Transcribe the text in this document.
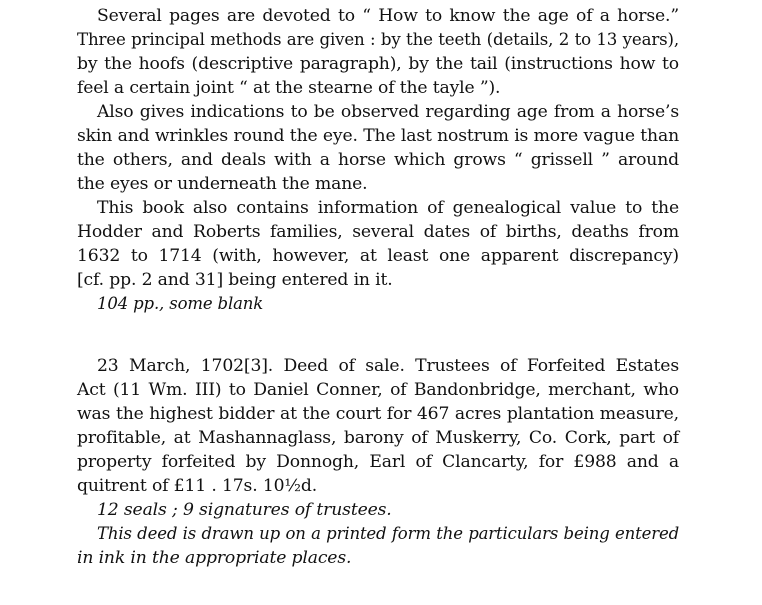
Several pages are devoted to “ How to know the age of a horse.”
Three principal methods are given : by the teeth (details, 2 to 13 years),
by the hoofs (descriptive paragraph), by the tail (instructions how to
feel a certain joint “ at the stearne of the tayle ”).
Also gives indications to be observed regarding age from a horse’s
skin and wrinkles round the eye. The last nostrum is more vague than
the others, and deals with a horse which grows “ grissell ” around
the eyes or underneath the mane.
This book also contains information of genealogical value to the
Hodder and Roberts families, several dates of births, deaths from
1632 to 1714 (with, however, at least one apparent discrepancy)
[cf. pp. 2 and 31] being entered in it.
104 pp., some blank
23 March, 1702[3]. Deed of sale. Trustees of Forfeited Estates
Act (11 Wm. III) to Daniel Conner, of Bandonbridge, merchant, who
was the highest bidder at the court for 467 acres plantation measure,
profitable, at Mashannaglass, barony of Muskerry, Co. Cork, part of
property forfeited by Donnogh, Earl of Clancarty, for £988 and a
quitrent of £11 . 17s. 10½d.
12 seals ; 9 signatures of trustees.
This deed is drawn up on a printed form the particulars being entered
in ink in the appropriate places.
